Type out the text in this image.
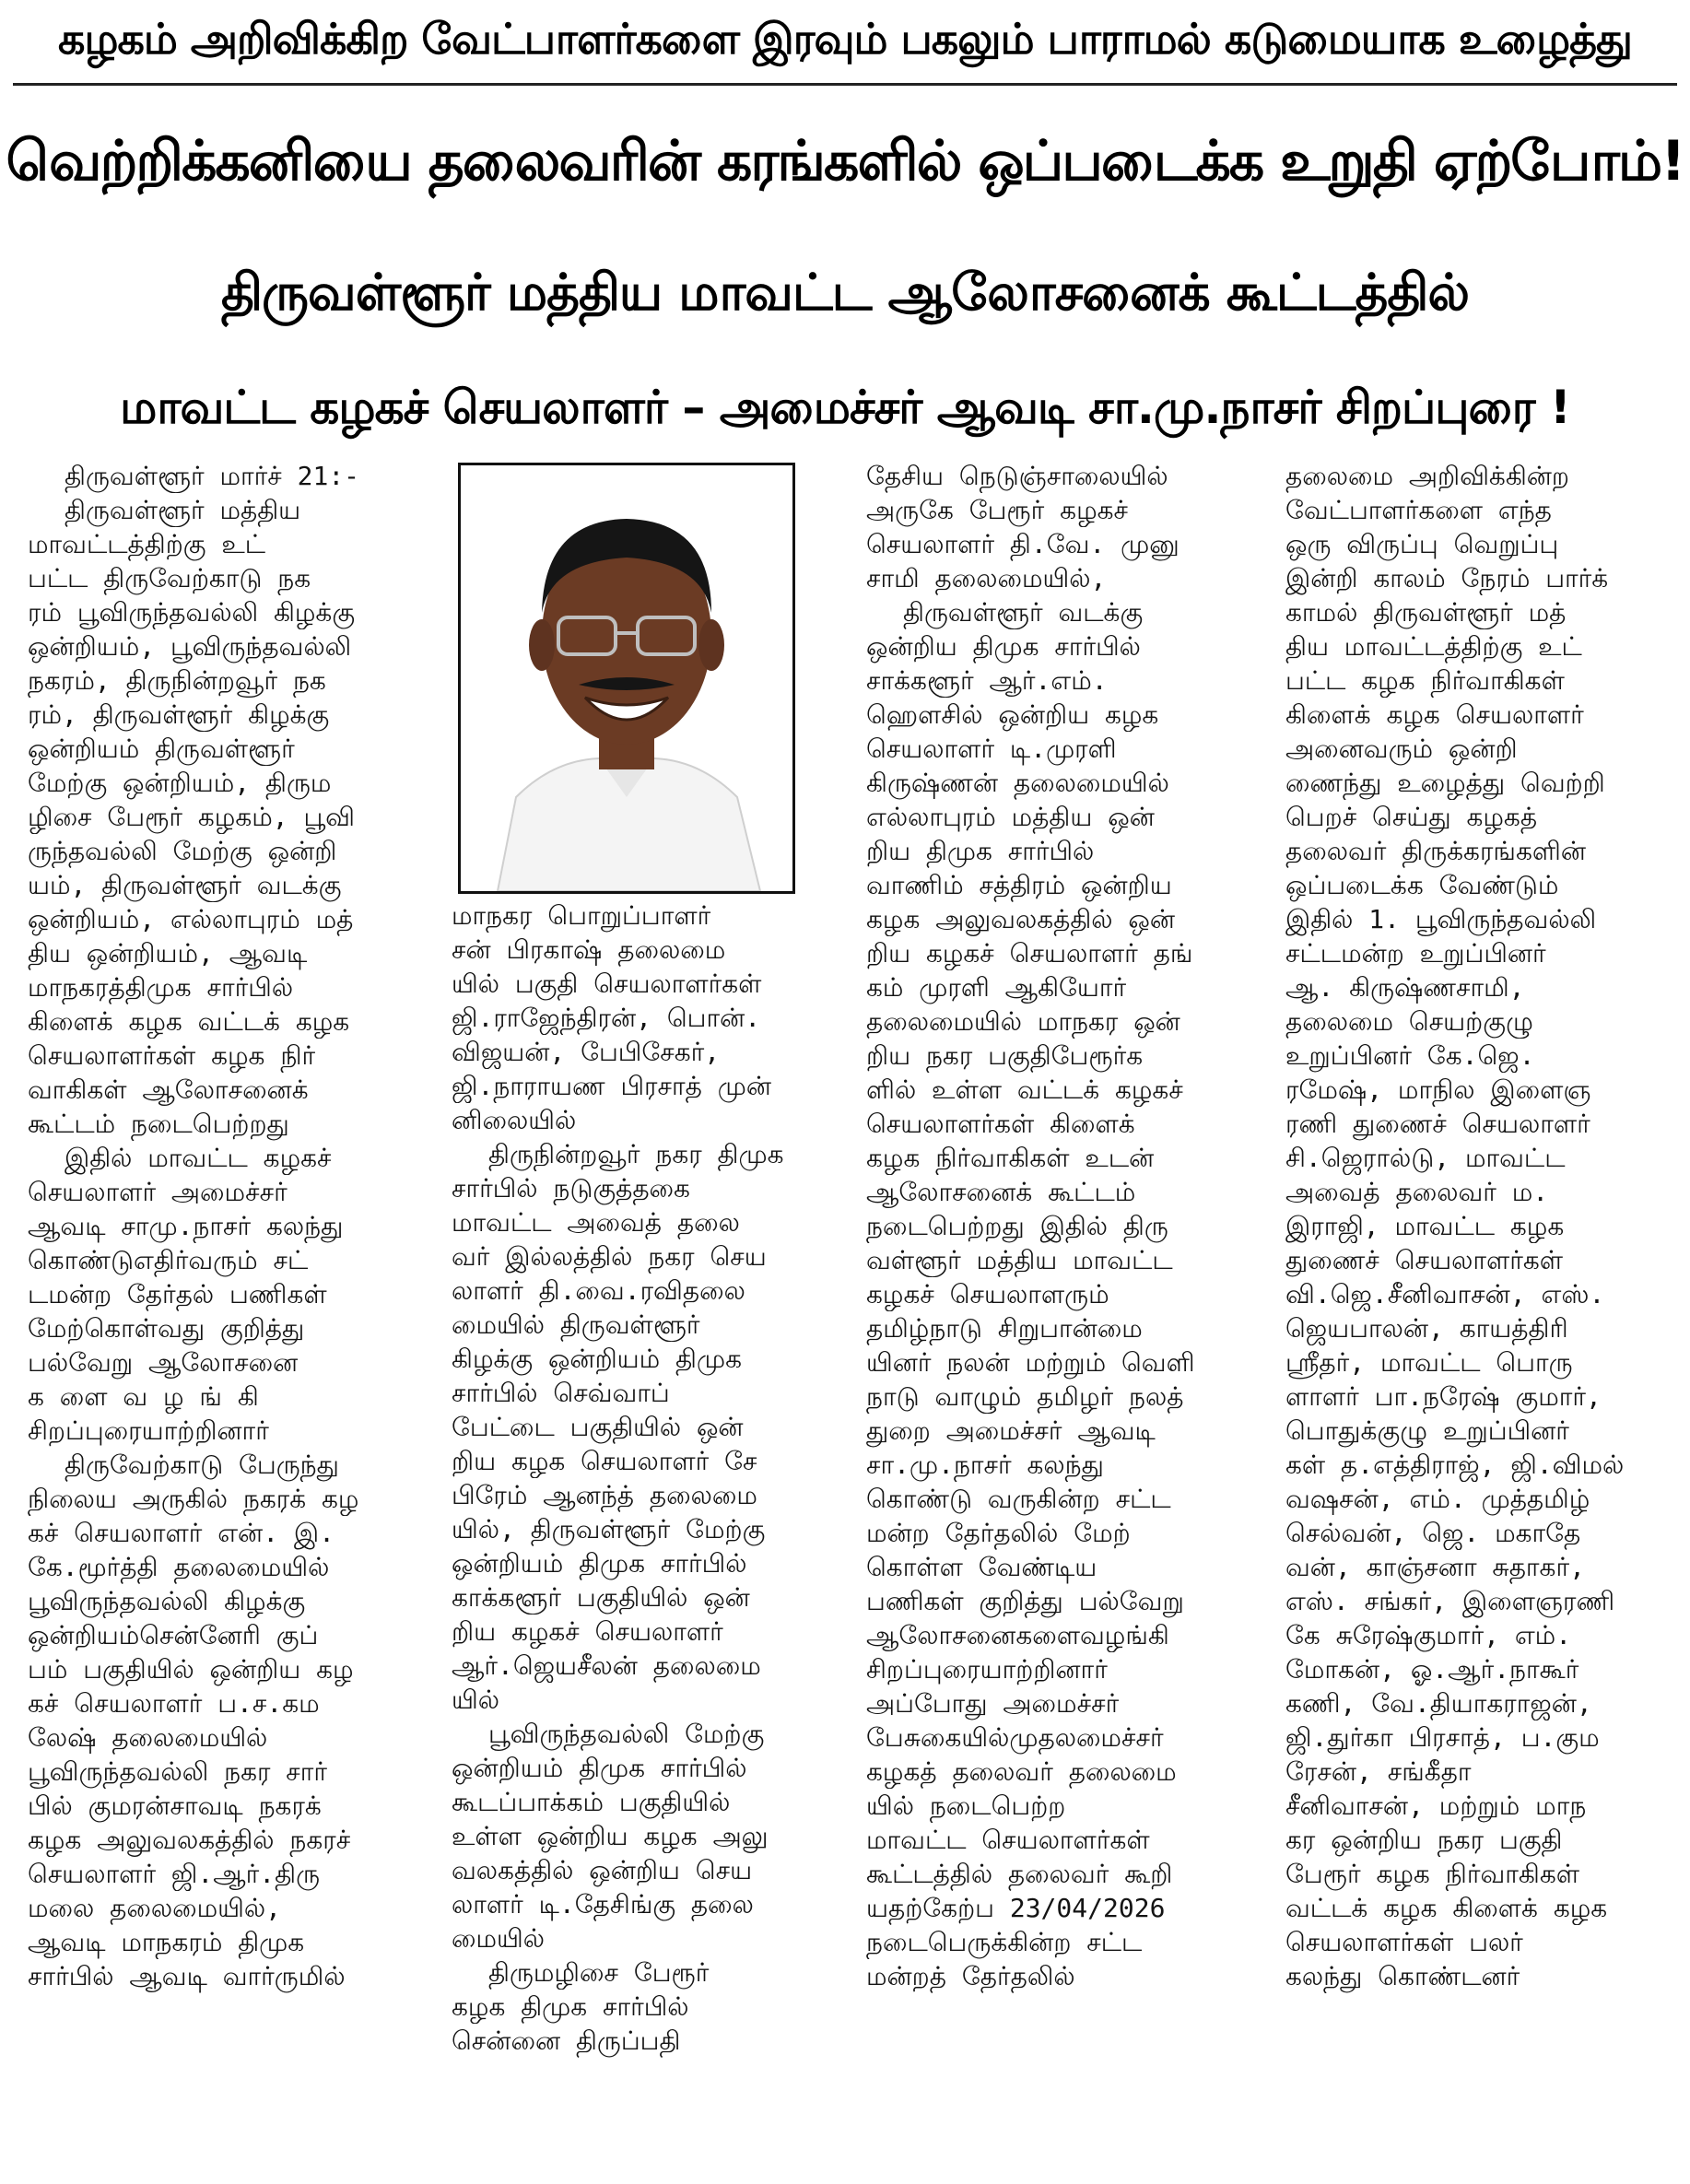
கழகம் அறிவிக்கிற வேட்பாளர்களை இரவும் பகலும் பாராமல் கடுமையாக உழைத்து
வெற்றிக்கனியை தலைவரின் கரங்களில் ஒப்படைக்க உறுதி ஏற்போம்!
திருவள்ளூர் மத்திய மாவட்ட ஆலோசனைக் கூட்டத்தில்
மாவட்ட கழகச் செயலாளர் – அமைச்சர் ஆவடி சா.மு.நாசர் சிறப்புரை !
திருவள்ளூர் மார்ச் 21:-
திருவள்ளூர் மத்திய
மாவட்டத்திற்கு உட்
பட்ட திருவேற்காடு நக
ரம் பூவிருந்தவல்லி கிழக்கு
ஒன்றியம், பூவிருந்தவல்லி
நகரம், திருநின்றவூர் நக
ரம், திருவள்ளூர் கிழக்கு
ஒன்றியம் திருவள்ளூர்
மேற்கு ஒன்றியம், திரும
ழிசை பேரூர் கழகம், பூவி
ருந்தவல்லி மேற்கு ஒன்றி
யம், திருவள்ளூர் வடக்கு
ஒன்றியம், எல்லாபுரம் மத்
திய ஒன்றியம், ஆவடி
மாநகரத்திமுக சார்பில்
கிளைக் கழக வட்டக் கழக
செயலாளர்கள் கழக நிர்
வாகிகள் ஆலோசனைக்
கூட்டம் நடைபெற்றது
இதில் மாவட்ட கழகச்
செயலாளர் அமைச்சர்
ஆவடி சாமு.நாசர் கலந்து
கொண்டுஎதிர்வரும் சட்
டமன்ற தேர்தல் பணிகள்
மேற்கொள்வது குறித்து
பல்வேறு ஆலோசனை
க ளை வ ழ ங் கி
சிறப்புரையாற்றினார்
திருவேற்காடு பேருந்து
நிலைய அருகில் நகரக் கழ
கச் செயலாளர் என். இ.
கே.மூர்த்தி தலைமையில்
பூவிருந்தவல்லி கிழக்கு
ஒன்றியம்சென்னேரி குப்
பம் பகுதியில் ஒன்றிய கழ
கச் செயலாளர் ப.ச.கம
லேஷ் தலைமையில்
பூவிருந்தவல்லி நகர சார்
பில் குமரன்சாவடி நகரக்
கழக அலுவலகத்தில் நகரச்
செயலாளர் ஜி.ஆர்.திரு
மலை தலைமையில்,
ஆவடி மாநகரம் திமுக
சார்பில் ஆவடி வார்ருமில்
மாநகர பொறுப்பாளர்
சன் பிரகாஷ் தலைமை
யில் பகுதி செயலாளர்கள்
ஜி.ராஜேந்திரன், பொன்.
விஜயன், பேபிசேகர்,
ஜி.நாராயண பிரசாத் முன்
னிலையில்
திருநின்றவூர் நகர திமுக
சார்பில் நடுகுத்தகை
மாவட்ட அவைத் தலை
வர் இல்லத்தில் நகர செய
லாளர் தி.வை.ரவிதலை
மையில் திருவள்ளூர்
கிழக்கு ஒன்றியம் திமுக
சார்பில் செவ்வாப்
பேட்டை பகுதியில் ஒன்
றிய கழக செயலாளர் சே
பிரேம் ஆனந்த் தலைமை
யில், திருவள்ளூர் மேற்கு
ஒன்றியம் திமுக சார்பில்
காக்களூர் பகுதியில் ஒன்
றிய கழகச் செயலாளர்
ஆர்.ஜெயசீலன் தலைமை
யில்
பூவிருந்தவல்லி மேற்கு
ஒன்றியம் திமுக சார்பில்
கூடப்பாக்கம் பகுதியில்
உள்ள ஒன்றிய கழக அலு
வலகத்தில் ஒன்றிய செய
லாளர் டி.தேசிங்கு தலை
மையில்
திருமழிசை பேரூர்
கழக திமுக சார்பில்
சென்னை திருப்பதி
தேசிய நெடுஞ்சாலையில்
அருகே பேரூர் கழகச்
செயலாளர் தி.வே. முனு
சாமி தலைமையில்,
திருவள்ளூர் வடக்கு
ஒன்றிய திமுக சார்பில்
சாக்களூர் ஆர்.எம்.
ஹெளசில் ஒன்றிய கழக
செயலாளர் டி.முரளி
கிருஷ்ணன் தலைமையில்
எல்லாபுரம் மத்திய ஒன்
றிய திமுக சார்பில்
வாணிம் சத்திரம் ஒன்றிய
கழக அலுவலகத்தில் ஒன்
றிய கழகச் செயலாளர் தங்
கம் முரளி ஆகியோர்
தலைமையில் மாநகர ஒன்
றிய நகர பகுதிபேரூர்க
ளில் உள்ள வட்டக் கழகச்
செயலாளர்கள் கிளைக்
கழக நிர்வாகிகள் உடன்
ஆலோசனைக் கூட்டம்
நடைபெற்றது இதில் திரு
வள்ளூர் மத்திய மாவட்ட
கழகச் செயலாளரும்
தமிழ்நாடு சிறுபான்மை
யினர் நலன் மற்றும் வெளி
நாடு வாழும் தமிழர் நலத்
துறை அமைச்சர் ஆவடி
சா.மு.நாசர் கலந்து
கொண்டு வருகின்ற சட்ட
மன்ற தேர்தலில் மேற்
கொள்ள வேண்டிய
பணிகள் குறித்து பல்வேறு
ஆலோசனைகளைவழங்கி
சிறப்புரையாற்றினார்
அப்போது அமைச்சர்
பேசுகையில்முதலமைச்சர்
கழகத் தலைவர் தலைமை
யில் நடைபெற்ற
மாவட்ட செயலாளர்கள்
கூட்டத்தில் தலைவர் கூறி
யதற்கேற்ப 23/04/2026
நடைபெருக்கின்ற சட்ட
மன்றத் தேர்தலில்
தலைமை அறிவிக்கின்ற
வேட்பாளர்களை எந்த
ஒரு விருப்பு வெறுப்பு
இன்றி காலம் நேரம் பார்க்
காமல் திருவள்ளூர் மத்
திய மாவட்டத்திற்கு உட்
பட்ட கழக நிர்வாகிகள்
கிளைக் கழக செயலாளர்
அனைவரும் ஒன்றி
ணைந்து உழைத்து வெற்றி
பெறச் செய்து கழகத்
தலைவர் திருக்கரங்களின்
ஒப்படைக்க வேண்டும்
இதில் 1. பூவிருந்தவல்லி
சட்டமன்ற உறுப்பினர்
ஆ. கிருஷ்ணசாமி,
தலைமை செயற்குழு
உறுப்பினர் கே.ஜெ.
ரமேஷ், மாநில இளைஞ
ரணி துணைச் செயலாளர்
சி.ஜெரால்டு, மாவட்ட
அவைத் தலைவர் ம.
இராஜி, மாவட்ட கழக
துணைச் செயலாளர்கள்
வி.ஜெ.சீனிவாசன், எஸ்.
ஜெயபாலன், காயத்திரி
ஸ்ரீதர், மாவட்ட பொரு
ளாளர் பா.நரேஷ் குமார்,
பொதுக்குழு உறுப்பினர்
கள் த.எத்திராஜ், ஜி.விமல்
வஷசன், எம். முத்தமிழ்
செல்வன், ஜெ. மகாதே
வன், காஞ்சனா சுதாகர்,
எஸ். சங்கர், இளைஞரணி
கே சுரேஷ்குமார், எம்.
மோகன், ஓ.ஆர்.நாகூர்
கணி, வே.தியாகராஜன்,
ஜி.துர்கா பிரசாத், ப.கும
ரேசன், சங்கீதா
சீனிவாசன், மற்றும் மாந
கர ஒன்றிய நகர பகுதி
பேரூர் கழக நிர்வாகிகள்
வட்டக் கழக கிளைக் கழக
செயலாளர்கள் பலர்
கலந்து கொண்டனர்
